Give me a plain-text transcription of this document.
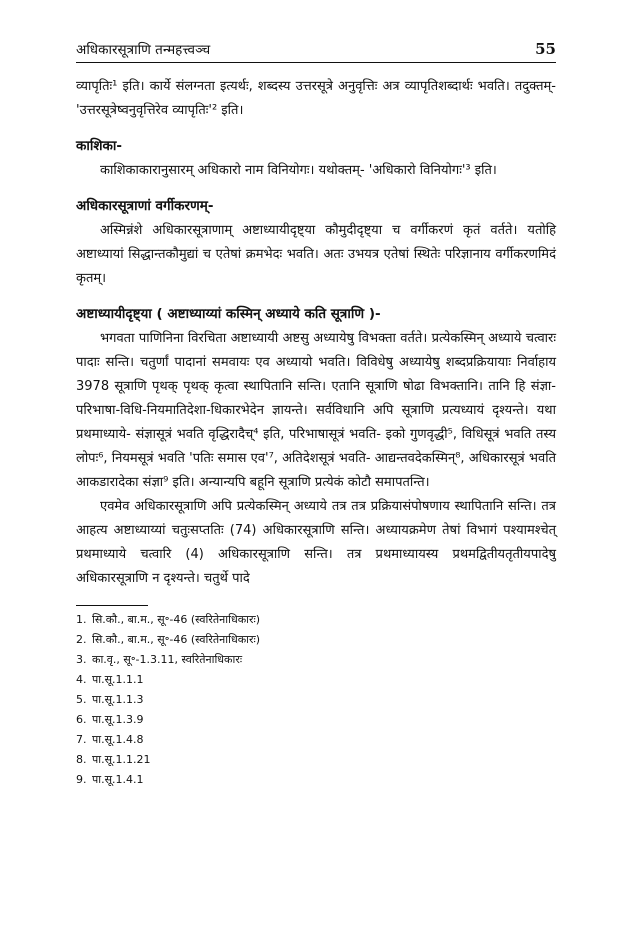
अधिकारसूत्राणि तन्महत्त्वञ्च	55

व्यापृतिः¹ इति। कार्ये संलग्नता इत्यर्थः, शब्दस्य उत्तरसूत्रे अनुवृत्तिः अत्र व्यापृतिशब्दार्थः भवति। तदुक्तम्- 'उत्तरसूत्रेष्वनुवृत्तिरेव व्यापृतिः'² इति।

काशिका-

काशिकाकारानुसारम् अधिकारो नाम विनियोगः। यथोक्तम्- 'अधिकारो विनियोगः'³ इति।

अधिकारसूत्राणां वर्गीकरणम्-

अस्मिन्नंशे अधिकारसूत्राणाम् अष्टाध्यायीदृष्ट्या कौमुदीदृष्ट्या च वर्गीकरणं कृतं वर्तते। यतोहि अष्टाध्यायां सिद्धान्तकौमुद्यां च एतेषां क्रमभेदः भवति। अतः उभयत्र एतेषां स्थितेः परिज्ञानाय वर्गीकरणमिदं कृतम्।

अष्टाध्यायीदृष्ट्या ( अष्टाध्याय्यां कस्मिन् अध्याये कति सूत्राणि )-

भगवता पाणिनिना विरचिता अष्टाध्यायी अष्टसु अध्यायेषु विभक्ता वर्तते। प्रत्येकस्मिन् अध्याये चत्वारः पादाः सन्ति। चतुर्णां पादानां समवायः एव अध्यायो भवति। विविधेषु अध्यायेषु शब्दप्रक्रियायाः निर्वाहाय 3978 सूत्राणि पृथक् पृथक् कृत्वा स्थापितानि सन्ति। एतानि सूत्राणि षोढा विभक्तानि। तानि हि संज्ञा-परिभाषा-विधि-नियमातिदेशा-धिकारभेदेन ज्ञायन्ते। सर्वविधानि अपि सूत्राणि प्रत्यध्यायं दृश्यन्ते। यथा प्रथमाध्याये- संज्ञासूत्रं भवति वृद्धिरादैच्⁴ इति, परिभाषासूत्रं भवति- इको गुणवृद्धी⁵, विधिसूत्रं भवति तस्य लोपः⁶, नियमसूत्रं भवति 'पतिः समास एव'⁷, अतिदेशसूत्रं भवति- आद्यन्तवदेकस्मिन्⁸, अधिकारसूत्रं भवति आकडारादेका संज्ञा⁹ इति। अन्यान्यपि बहूनि सूत्राणि प्रत्येकं कोटौ समापतन्ति।

एवमेव अधिकारसूत्राणि अपि प्रत्येकस्मिन् अध्याये तत्र तत्र प्रक्रियासंपोषणाय स्थापितानि सन्ति। तत्र आहत्य अष्टाध्याय्यां चतुःसप्ततिः (74) अधिकारसूत्राणि सन्ति। अध्यायक्रमेण तेषां विभागं पश्यामश्चेत् प्रथमाध्याये चत्वारि (4) अधिकारसूत्राणि सन्ति। तत्र प्रथमाध्यायस्य प्रथमद्वितीयतृतीयपादेषु अधिकारसूत्राणि न दृश्यन्ते। चतुर्थे पादे

1. सि.कौ., बा.म., सू॰-46 (स्वरितेनाधिकारः)
2. सि.कौ., बा.म., सू॰-46 (स्वरितेनाधिकारः)
3. का.वृ., सू॰-1.3.11, स्वरितेनाधिकारः
4. पा.सू.1.1.1
5. पा.सू.1.1.3
6. पा.सू.1.3.9
7. पा.सू.1.4.8
8. पा.सू.1.1.21
9. पा.सू.1.4.1
